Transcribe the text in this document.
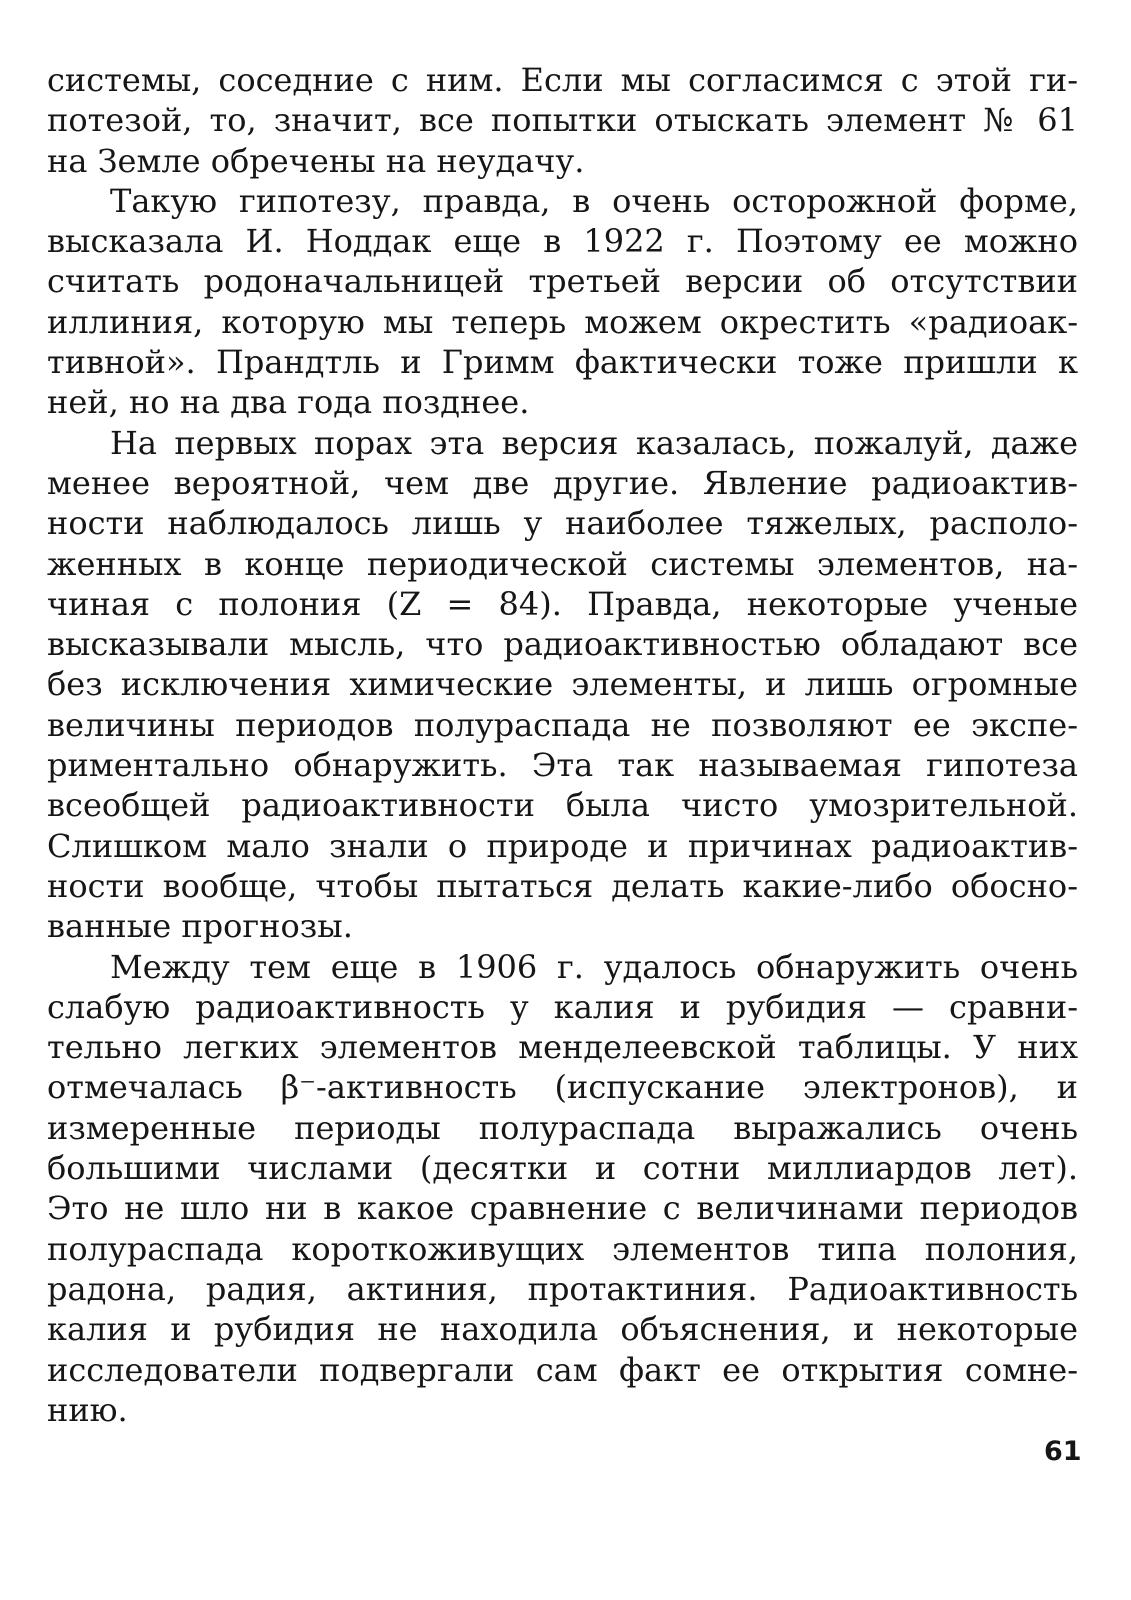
системы, соседние с ним. Если мы согласимся с этой ги-
потезой, то, значит, все попытки отыскать элемент № 61
на Земле обречены на неудачу.

Такую гипотезу, правда, в очень осторожной форме,
высказала И. Ноддак еще в 1922 г. Поэтому ее можно
считать родоначальницей третьей версии об отсутствии
иллиния, которую мы теперь можем окрестить «радиоак-
тивной». Прандтль и Гримм фактически тоже пришли к
ней, но на два года позднее.

На первых порах эта версия казалась, пожалуй, даже
менее вероятной, чем две другие. Явление радиоактив-
ности наблюдалось лишь у наиболее тяжелых, располо-
женных в конце периодической системы элементов, на-
чиная с полония (Z = 84). Правда, некоторые ученые
высказывали мысль, что радиоактивностью обладают все
без исключения химические элементы, и лишь огромные
величины периодов полураспада не позволяют ее экспе-
риментально обнаружить. Эта так называемая гипотеза
всеобщей радиоактивности была чисто умозрительной.
Слишком мало знали о природе и причинах радиоактив-
ности вообще, чтобы пытаться делать какие-либо обосно-
ванные прогнозы.

Между тем еще в 1906 г. удалось обнаружить очень
слабую радиоактивность у калия и рубидия — сравни-
тельно легких элементов менделеевской таблицы. У них
отмечалась β⁻-активность (испускание электронов), и
измеренные периоды полураспада выражались очень
большими числами (десятки и сотни миллиардов лет).
Это не шло ни в какое сравнение с величинами периодов
полураспада короткоживущих элементов типа полония,
радона, радия, актиния, протактиния. Радиоактивность
калия и рубидия не находила объяснения, и некоторые
исследователи подвергали сам факт ее открытия сомне-
нию.

61
